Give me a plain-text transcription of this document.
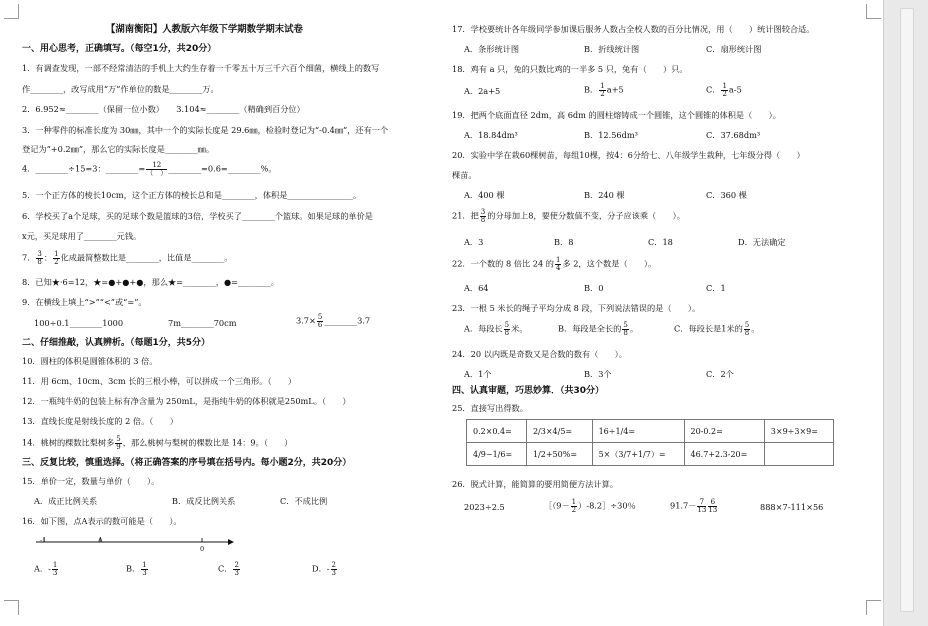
【湖南衡阳】人教版六年级下学期数学期末试卷
一、用心思考，正确填写。（每空1分，共20分）
1．有调查发现，一部不经常清洁的手机上大约生存着一千零五十万三千六百个细菌，横线上的数写
作________，改写成用“万”作单位的数是________万。
2．6.952≈________（保留一位小数）　　3.104≈________（精确到百分位）
3．一种零件的标准长度为 30㎜，其中一个的实际长度是 29.6㎜，检验时登记为“-0.4㎜”，还有一个
登记为“+0.2㎜”，那么它的实际长度是________㎜。
4．________÷15=3：________=	12
（　） ________=0.6=________%。
5．一个正方体的棱长10cm，这个正方体的棱长总和是________，体积是________________。
6．学校买了a个足球，买的足球个数是篮球的3倍，学校买了________个篮球。如果足球的单价是
x元，买足球用了________元钱。
7． $\frac{3}{8}$ ： $\frac{1}{2}$ 化成最简整数比是________，比值是________。
8．已知★·6=12，★=●+●+●，那么★=________，●=________。
9．在横线上填上“>”“<”或“=”。
100÷0.1________1000	7m________70cm	$3.7\times \frac{5}{6}$ ________3.7
二、仔细推敲，认真辨析。（每题1分，共5分）
10．圆柱的体积是圆锥体积的 3 倍。
11．用 6cm、10cm、3cm 长的三根小棒，可以拼成一个三角形。（　　）
12．一瓶纯牛奶的包装上标有净含量为 250mL，是指纯牛奶的体积就是250mL。（　　）
13．直线长度是射线长度的 2 倍。（　　）
14．桃树的棵数比梨树多 $\frac{5}{9}$ ，那么桃树与梨树的棵数比是 14：9。（　　）
三、反复比较，慎重选择。（将正确答案的序号填在括号内。每小题2分，共20分）
15．单价一定，数量与单价（　　）。
A．成正比例关系	B．成反比例关系	C．不成比例
16．如下图，点A表示的数可能是（　　）。
-1	A
0
A．- $\frac{1}{3}$	B． $\frac{1}{3}$	C． $\frac{2}{3}$	D．- $\frac{2}{3}$
17．学校要统计各年级同学参加课后服务人数占全校人数的百分比情况，用（　　）统计图较合适。
A．条形统计图	B．折线统计图	C．扇形统计图
18．鸡有 a 只，兔的只数比鸡的一半多 5 只，兔有（　　）只。
A．2a+5	B． $\frac{1}{2} a+5$	C． $\frac{1}{2} a-5$
19．把两个底面直径 2dm，高 6dm 的圆柱熔铸成一个圆锥，这个圆锥的体积是（　　）。
A．18.84dm³	B．12.56dm³	C．37.68dm³
20．实验中学在栽60棵树苗，每组10棵，按4：6分给七、八年级学生栽种，七年级分得（　　）
棵苗。
A．400 棵	B．240 棵	C．360 棵
21．把 $\frac{3}{8}$ 的分母加上8，要使分数值不变，分子应该乘（　　）。
A．3	B．8	C．18	D．无法确定
22．一个数的 8 倍比 24 的 $\frac{1}{4}$ 多 2，这个数是（　　）。
A．64	B．0	C．1
23．一根 5 米长的绳子平均分成 8 段，下列说法错误的是（　　）。
A．每段长 $\frac{5}{8}$ 米。	B．每段是全长的 $\frac{5}{8}$ 。	C．每段长是1米的 $\frac{5}{8}$ 。
24．20 以内既是奇数又是合数的数有（　　）。
A．1个	B．3个	C．2个
四、认真审题，巧思妙算．（共30分）
25．直接写出得数。
0.2×0.4=	2/3×4/5=	16÷1/4=	20-0.2=	3×9÷3×9=
4/9−1/6=	1/2+50%=	5×（3/7+1/7）=	46.7+2.3-20=	
26．脱式计算，能简算的要用简便方法计算。
2023÷2.5	［（9－ $\frac{1}{2}$ ）-8.2］÷30％	$91.7- \frac{7}{13} \frac{6}{13}$	888×7-111×56
